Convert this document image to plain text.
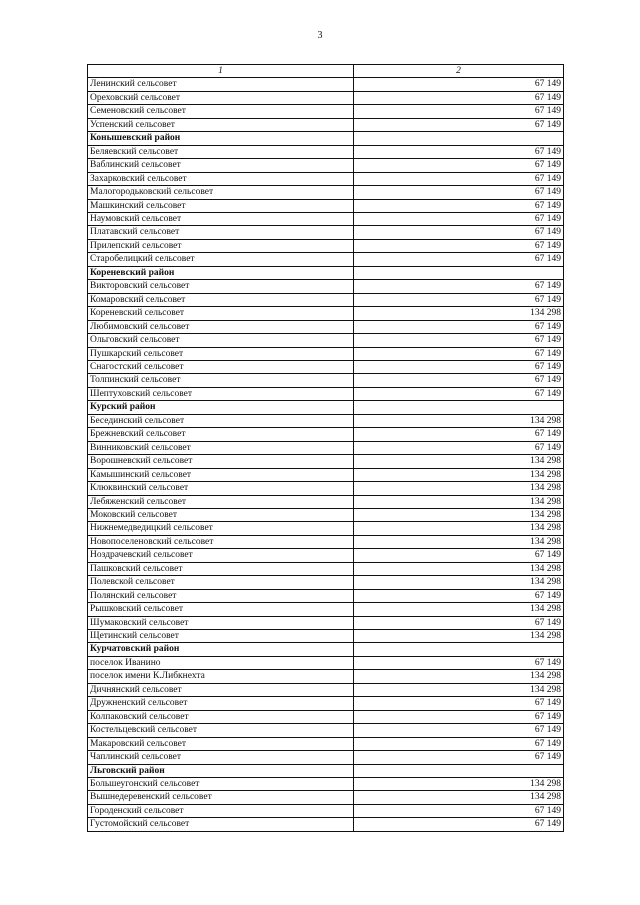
3
1	2
Ленинский сельсовет	67 149
Ореховский сельсовет	67 149
Семеновский сельсовет	67 149
Успенский сельсовет	67 149
Конышевский район	
Беляевский сельсовет	67 149
Ваблинский сельсовет	67 149
Захарковский сельсовет	67 149
Малогородьковский сельсовет	67 149
Машкинский сельсовет	67 149
Наумовский сельсовет	67 149
Платавский сельсовет	67 149
Прилепский сельсовет	67 149
Старобелицкий сельсовет	67 149
Кореневский район	
Викторовский сельсовет	67 149
Комаровский сельсовет	67 149
Кореневский сельсовет	134 298
Любимовский сельсовет	67 149
Ольговский сельсовет	67 149
Пушкарский сельсовет	67 149
Снагостский сельсовет	67 149
Толпинский сельсовет	67 149
Шептуховский сельсовет	67 149
Курский район	
Бесединский сельсовет	134 298
Брежневский сельсовет	67 149
Винниковский сельсовет	67 149
Ворошневский сельсовет	134 298
Камышинский сельсовет	134 298
Клюквинский сельсовет	134 298
Лебяженский сельсовет	134 298
Моковский сельсовет	134 298
Нижнемедведицкий сельсовет	134 298
Новопоселеновский сельсовет	134 298
Ноздрачевский сельсовет	67 149
Пашковский сельсовет	134 298
Полевской сельсовет	134 298
Полянский сельсовет	67 149
Рышковский сельсовет	134 298
Шумаковский сельсовет	67 149
Щетинский сельсовет	134 298
Курчатовский район	
поселок Иванино	67 149
поселок имени К.Либкнехта	134 298
Дичнянский сельсовет	134 298
Дружненский сельсовет	67 149
Колпаковский сельсовет	67 149
Костельцевский сельсовет	67 149
Макаровский сельсовет	67 149
Чаплинский сельсовет	67 149
Льговский район	
Большеугонский сельсовет	134 298
Вышнедеревенский сельсовет	134 298
Городенский сельсовет	67 149
Густомойский сельсовет	67 149
